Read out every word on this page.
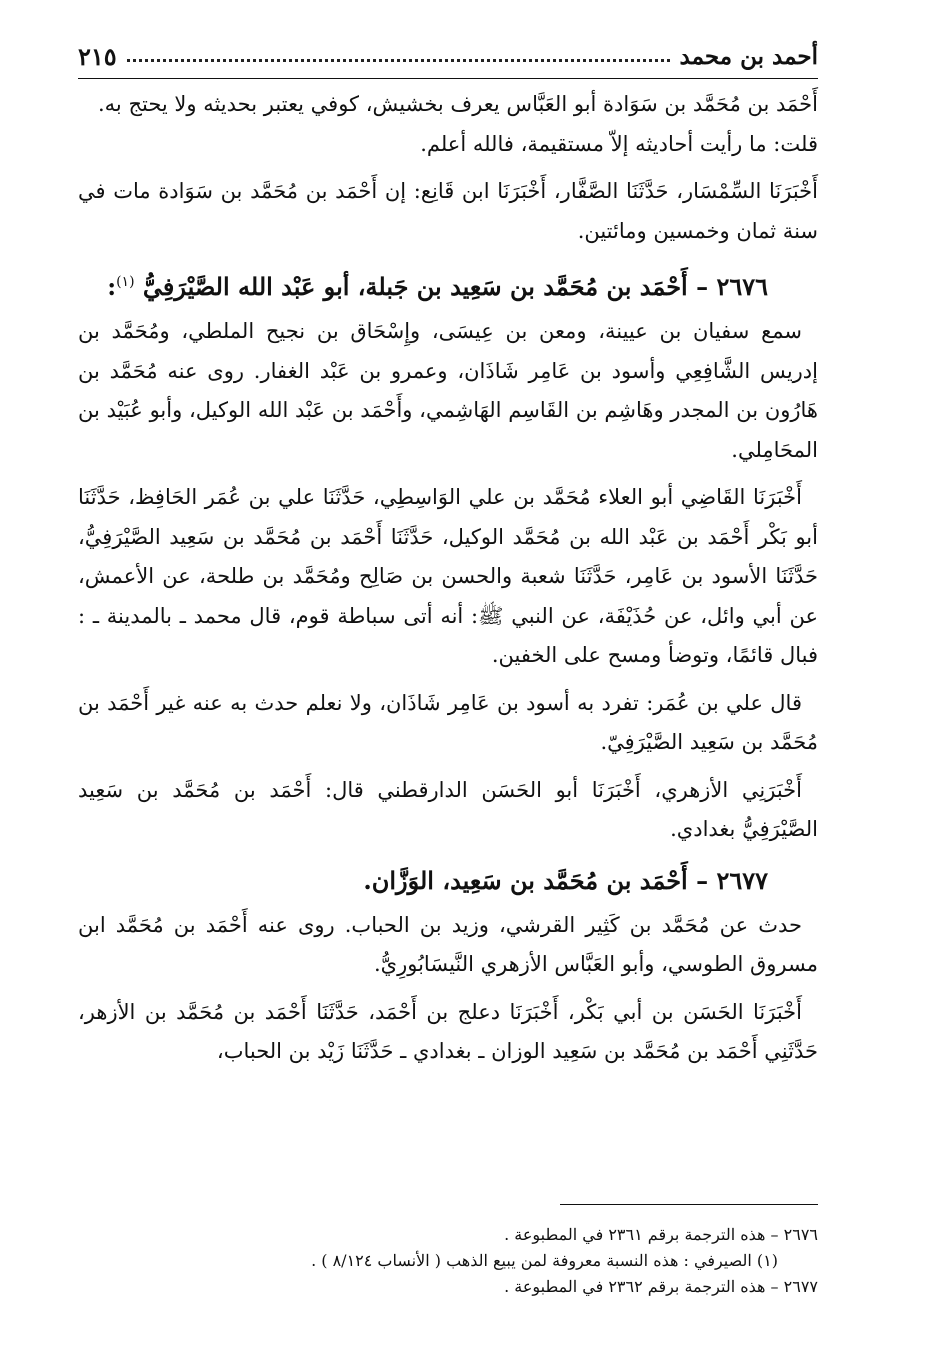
أحمد بن محمد
٢١٥

أَحْمَد بن مُحَمَّد بن سَوَادة أبو العَبَّاس يعرف بخشيش، كوفي يعتبر بحديثه ولا يحتج به.

قلت: ما رأيت أحاديثه إلاّ مستقيمة، فالله أعلم.

أَخْبَرَنَا السِّمْسَار، حَدَّثَنَا الصَّفَّار، أَخْبَرَنَا ابن قَانِع: إن أَحْمَد بن مُحَمَّد بن سَوَادة مات في سنة ثمان وخمسين ومائتين.

٢٦٧٦ – أَحْمَد بن مُحَمَّد بن سَعِيد بن جَبلة، أبو عَبْد الله الصَّيْرَفِيُّ $^{(١)}$:

سمع سفيان بن عيينة، ومعن بن عِيسَى، وإِسْحَاق بن نجيح الملطي، ومُحَمَّد بن إدريس الشَّافِعِي وأسود بن عَامِر شَاذَان، وعمرو بن عَبْد الغفار. روى عنه مُحَمَّد بن هَارُون بن المجدر وهَاشِم بن القَاسِم الهَاشِمي، وأَحْمَد بن عَبْد الله الوكيل، وأبو عُبَيْد بن المحَامِلي.

أَخْبَرَنَا القَاضِي أبو العلاء مُحَمَّد بن علي الوَاسِطِي، حَدَّثَنَا علي بن عُمَر الحَافِظ، حَدَّثَنَا أبو بَكْر أَحْمَد بن عَبْد الله بن مُحَمَّد الوكيل، حَدَّثَنَا أَحْمَد بن مُحَمَّد بن سَعِيد الصَّيْرَفِيُّ، حَدَّثَنَا الأسود بن عَامِر، حَدَّثَنَا شعبة والحسن بن صَالِح ومُحَمَّد بن طلحة، عن الأعمش، عن أبي وائل، عن حُذَيْفَة، عن النبي ﷺ: أنه أتى سباطة قوم، قال محمد ـ بالمدينة ـ : فبال قائمًا، وتوضأ ومسح على الخفين.

قال علي بن عُمَر: تفرد به أسود بن عَامِر شَاذَان، ولا نعلم حدث به عنه غير أَحْمَد بن مُحَمَّد بن سَعِيد الصَّيْرَفِيّ.

أَخْبَرَنِي الأزهري، أَخْبَرَنَا أبو الحَسَن الدارقطني قال: أَحْمَد بن مُحَمَّد بن سَعِيد الصَّيْرَفِيُّ بغدادي.

٢٦٧٧ – أَحْمَد بن مُحَمَّد بن سَعِيد، الوَزَّان.

حدث عن مُحَمَّد بن كَثِير القرشي، وزيد بن الحباب. روى عنه أَحْمَد بن مُحَمَّد ابن مسروق الطوسي، وأبو العَبَّاس الأزهري النَّيسَابُورِيُّ.

أَخْبَرَنَا الحَسَن بن أبي بَكْر، أَخْبَرَنَا دعلج بن أَحْمَد، حَدَّثَنَا أَحْمَد بن مُحَمَّد بن الأزهر، حَدَّثَنِي أَحْمَد بن مُحَمَّد بن سَعِيد الوزان ـ بغدادي ـ حَدَّثَنَا زَيْد بن الحباب،

٢٦٧٦ – هذه الترجمة برقم ٢٣٦١ في المطبوعة .

(١) الصيرفي : هذه النسبة معروفة لمن يبيع الذهب ( الأنساب ٨/١٢٤ ) .

٢٦٧٧ – هذه الترجمة برقم ٢٣٦٢ في المطبوعة .
